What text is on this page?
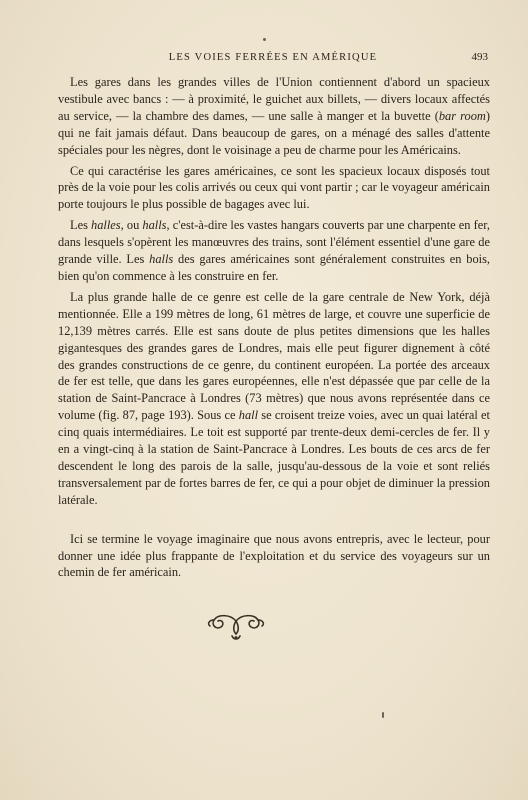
LES VOIES FERRÉES EN AMÉRIQUE	493

Les gares dans les grandes villes de l'Union contiennent d'abord un spacieux vestibule avec bancs : — à proximité, le guichet aux billets, — divers locaux affectés au service, — la chambre des dames, — une salle à manger et la buvette (bar room) qui ne fait jamais défaut. Dans beaucoup de gares, on a ménagé des salles d'attente spéciales pour les nègres, dont le voisinage a peu de charme pour les Américains.

Ce qui caractérise les gares américaines, ce sont les spacieux locaux disposés tout près de la voie pour les colis arrivés ou ceux qui vont partir ; car le voyageur américain porte toujours le plus possible de bagages avec lui.

Les halles, ou halls, c'est-à-dire les vastes hangars couverts par une charpente en fer, dans lesquels s'opèrent les manœuvres des trains, sont l'élément essentiel d'une gare de grande ville. Les halls des gares américaines sont généralement construites en bois, bien qu'on commence à les construire en fer.

La plus grande halle de ce genre est celle de la gare centrale de New York, déjà mentionnée. Elle a 199 mètres de long, 61 mètres de large, et couvre une superficie de 12,139 mètres carrés. Elle est sans doute de plus petites dimensions que les halles gigantesques des grandes gares de Londres, mais elle peut figurer dignement à côté des grandes constructions de ce genre, du continent européen. La portée des arceaux de fer est telle, que dans les gares européennes, elle n'est dépassée que par celle de la station de Saint-Pancrace à Londres (73 mètres) que nous avons représentée dans ce volume (fig. 87, page 193). Sous ce hall se croisent treize voies, avec un quai latéral et cinq quais intermédiaires. Le toit est supporté par trente-deux demi-cercles de fer. Il y en a vingt-cinq à la station de Saint-Pancrace à Londres. Les bouts de ces arcs de fer descendent le long des parois de la salle, jusqu'au-dessous de la voie et sont reliés transversalement par de fortes barres de fer, ce qui a pour objet de diminuer la pression latérale.

Ici se termine le voyage imaginaire que nous avons entrepris, avec le lecteur, pour donner une idée plus frappante de l'exploitation et du service des voyageurs sur un chemin de fer américain.
